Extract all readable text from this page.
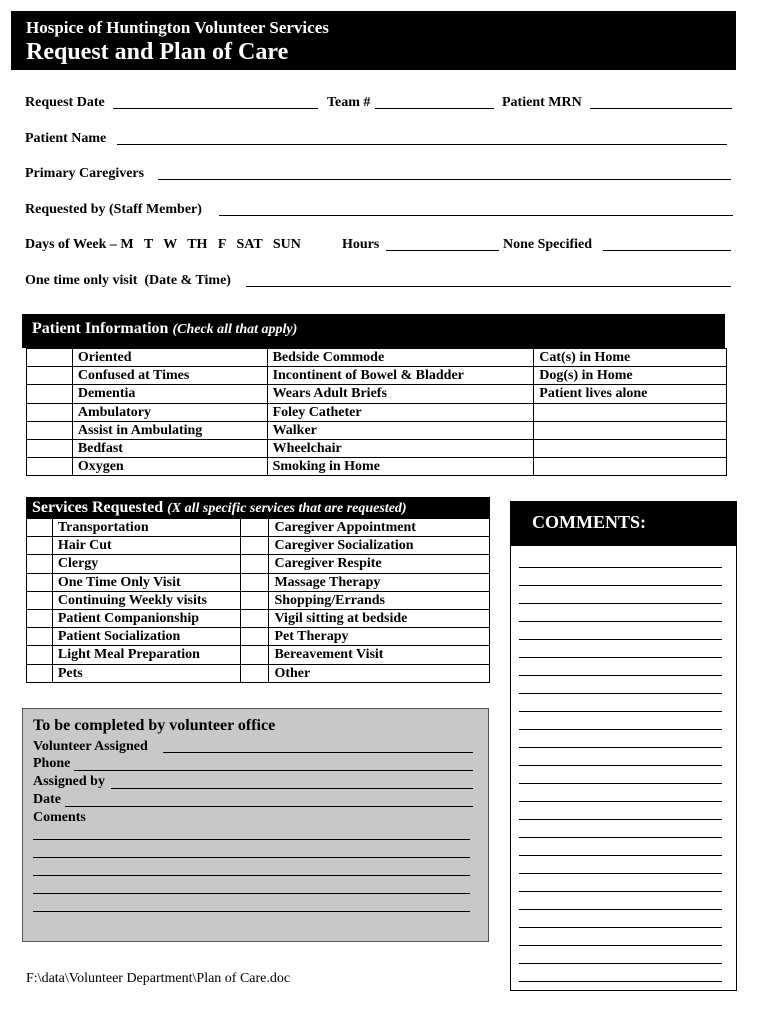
Hospice of Huntington Volunteer Services
Request and Plan of Care
Request Date	Team #	Patient MRN
Patient Name
Primary Caregivers
Requested by (Staff Member)
Days of Week – M   T   W   TH   F   SAT   SUN	Hours	None Specified
One time only visit  (Date & Time)
Patient Information (Check all that apply)
	Oriented	Bedside Commode	Cat(s) in Home
	Confused at Times	Incontinent of Bowel & Bladder	Dog(s) in Home
	Dementia	Wears Adult Briefs	Patient lives alone
	Ambulatory	Foley Catheter	
	Assist in Ambulating	Walker	
	Bedfast	Wheelchair	
	Oxygen	Smoking in Home	
Services Requested (X all specific services that are requested)
	Transportation		Caregiver Appointment
	Hair Cut		Caregiver Socialization
	Clergy		Caregiver Respite
	One Time Only Visit		Massage Therapy
	Continuing Weekly visits		Shopping/Errands
	Patient Companionship		Vigil sitting at bedside
	Patient Socialization		Pet Therapy
	Light Meal Preparation		Bereavement Visit
	Pets		Other
COMMENTS:
To be completed by volunteer office
Volunteer Assigned
Phone
Assigned by
Date
Coments
F:\data\Volunteer Department\Plan of Care.doc
